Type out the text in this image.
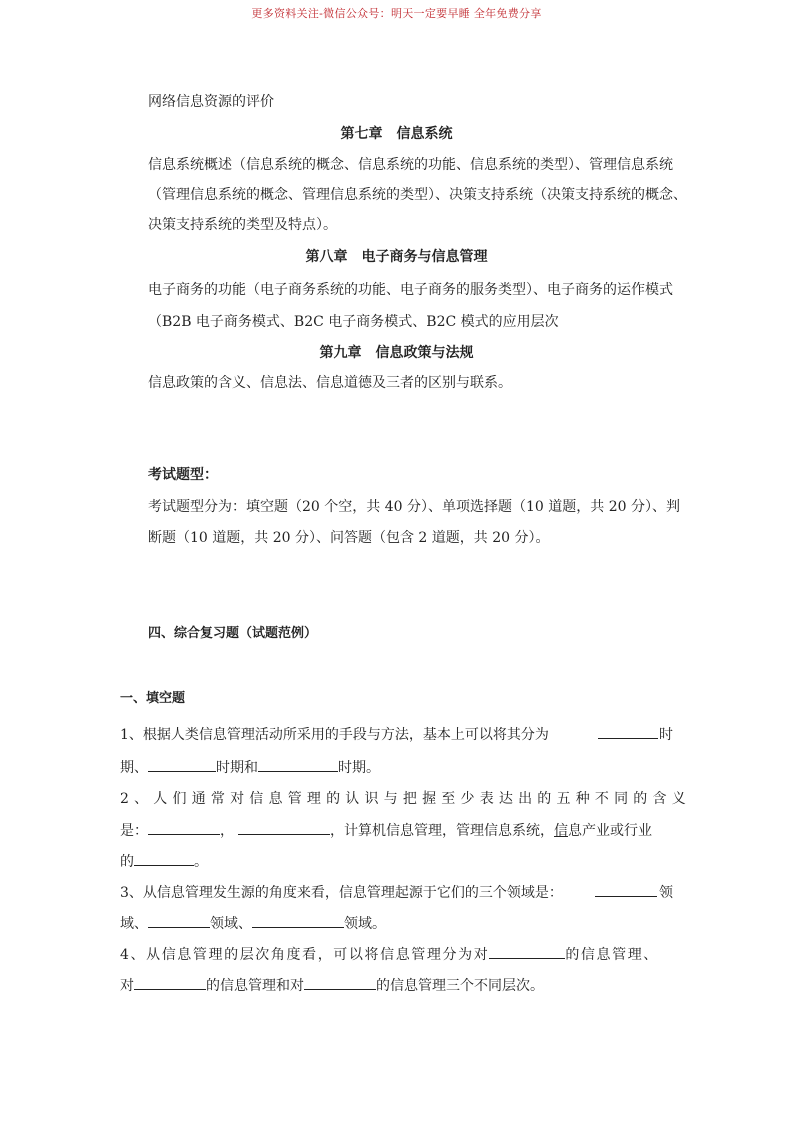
更多资料关注-微信公众号：明天一定要早睡 全年免费分享
网络信息资源的评价
第七章　信息系统
信息系统概述（信息系统的概念、信息系统的功能、信息系统的类型）、管理信息系统
（管理信息系统的概念、管理信息系统的类型）、决策支持系统（决策支持系统的概念、
决策支持系统的类型及特点）。
第八章　电子商务与信息管理
电子商务的功能（电子商务系统的功能、电子商务的服务类型）、电子商务的运作模式
（B2B 电子商务模式、B2C 电子商务模式、B2C 模式的应用层次
第九章　信息政策与法规
信息政策的含义、信息法、信息道德及三者的区别与联系。
考试题型：
考试题型分为：填空题（20 个空，共 40 分）、单项选择题（10 道题，共 20 分）、判
断题（10 道题，共 20 分）、问答题（包含 2 道题，共 20 分）。
四、综合复习题（试题范例）
一、填空题
1、根据人类信息管理活动所采用的手段与方法，基本上可以将其分为	时
期、	时期和	时期。
2、人们通常对信息管理的认识与把握至少表达出的五种不同的含义
是：	，	，计算机信息管理，管理信息系统，信息产业或行业
的	。
3、从信息管理发生源的角度来看，信息管理起源于它们的三个领域是：	领
域、	领域、	领域。
4、从信息管理的层次角度看，可以将信息管理分为对	的信息管理、
对	的信息管理和对	的信息管理三个不同层次。
